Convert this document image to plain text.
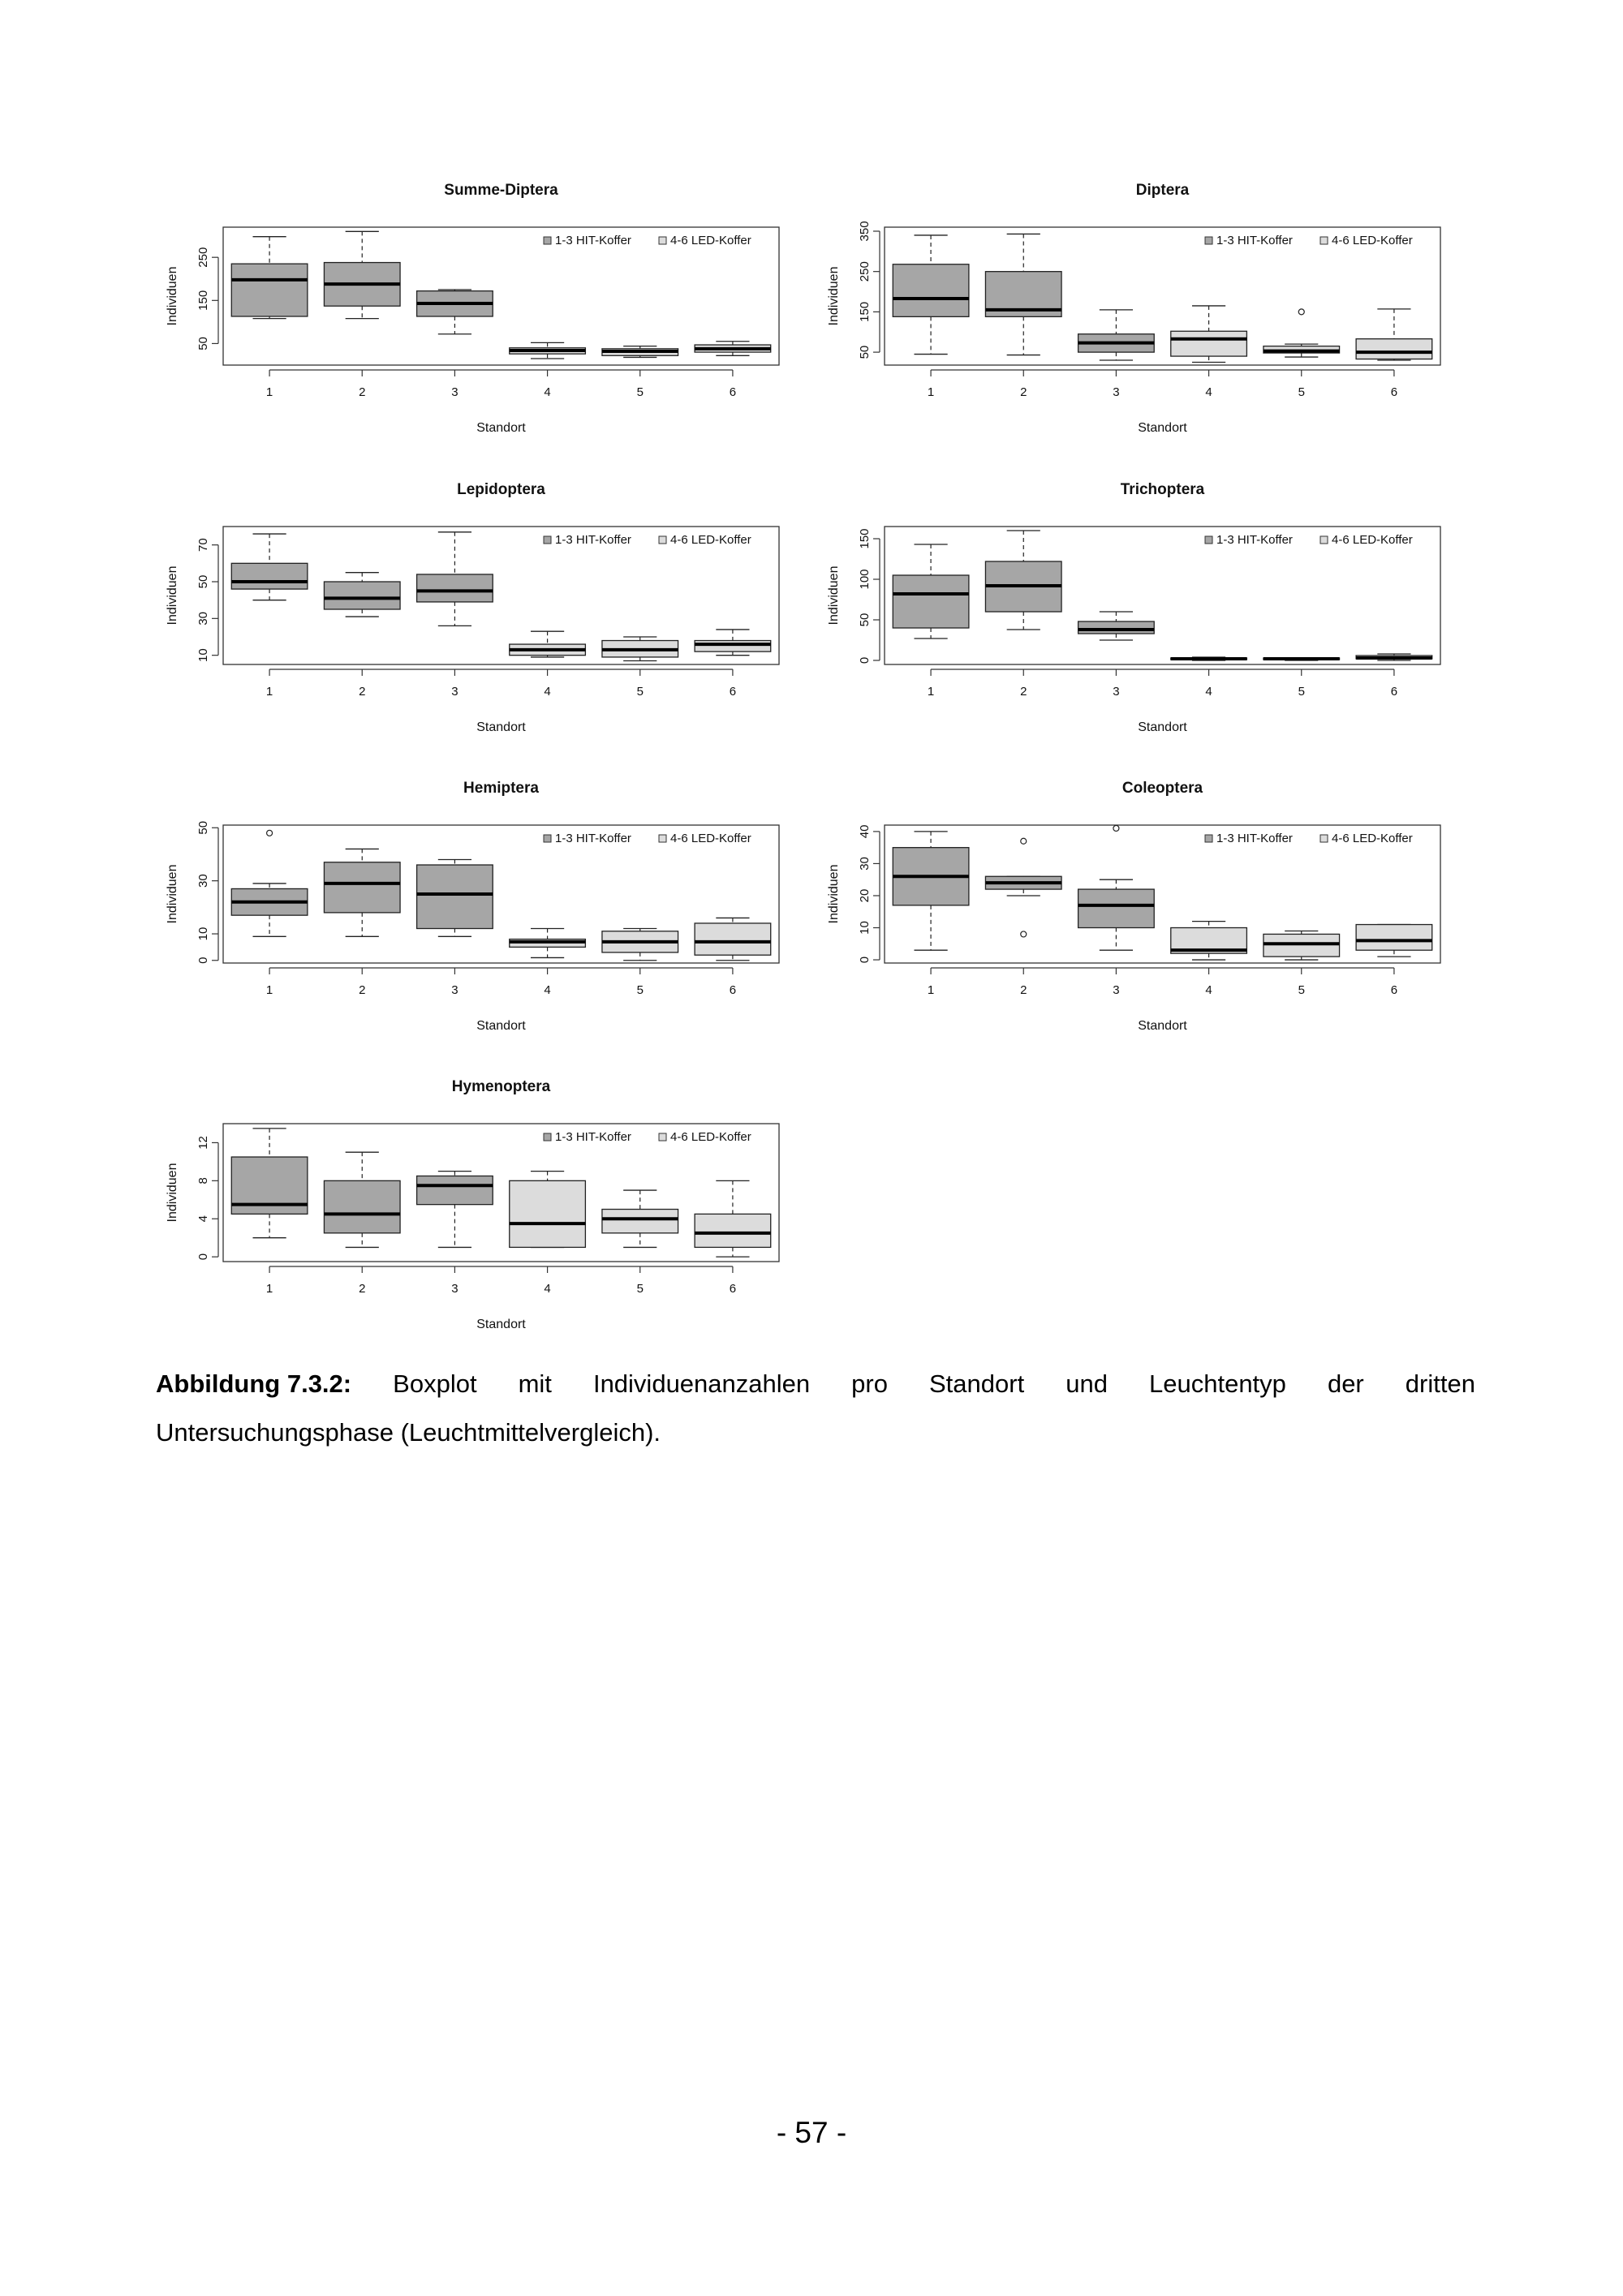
Summe-Diptera
50
150
250
Individuen
1	2	3	4	5	6
Standort
1-3 HIT-Koffer	4-6 LED-Koffer
Diptera
50
150
250
350
Individuen
1	2	3	4	5	6
Standort
1-3 HIT-Koffer	4-6 LED-Koffer
Lepidoptera
10
30
50
70
Individuen
1	2	3	4	5	6
Standort
1-3 HIT-Koffer	4-6 LED-Koffer
Trichoptera
0
50
100
150
Individuen
1	2	3	4	5	6
Standort
1-3 HIT-Koffer	4-6 LED-Koffer
Hemiptera
0
10
30
50
Individuen
1	2	3	4	5	6
Standort
1-3 HIT-Koffer	4-6 LED-Koffer
Coleoptera
0
10
20
30
40
Individuen
1	2	3	4	5	6
Standort
1-3 HIT-Koffer	4-6 LED-Koffer
Hymenoptera
0
4
8
12
Individuen
1	2	3	4	5	6
Standort
1-3 HIT-Koffer	4-6 LED-Koffer
Abbildung 7.3.2: Boxplot mit Individuenanzahlen pro Standort und Leuchtentyp der dritten
Untersuchungsphase (Leuchtmittelvergleich).
- 57 -
